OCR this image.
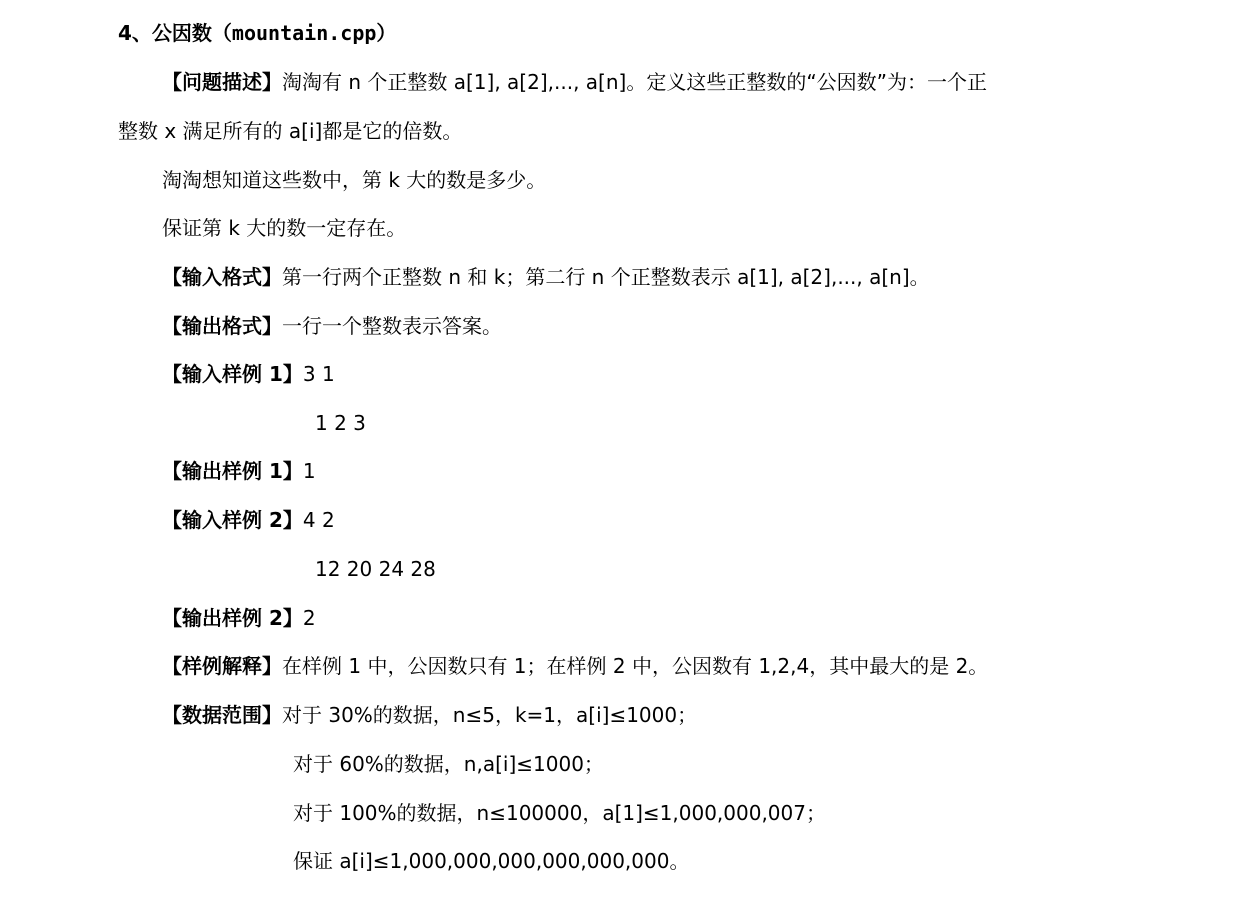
4、公因数（mountain.cpp）
【问题描述】淘淘有 n 个正整数 a[1], a[2],..., a[n]。定义这些正整数的“公因数”为：一个正
整数 x 满足所有的 a[i]都是它的倍数。
淘淘想知道这些数中，第 k 大的数是多少。
保证第 k 大的数一定存在。
【输入格式】第一行两个正整数 n 和 k；第二行 n 个正整数表示 a[1], a[2],..., a[n]。
【输出格式】一行一个整数表示答案。
【输入样例 1】3 1
1 2 3
【输出样例 1】1
【输入样例 2】4 2
12 20 24 28
【输出样例 2】2
【样例解释】在样例 1 中，公因数只有 1；在样例 2 中，公因数有 1,2,4，其中最大的是 2。
【数据范围】对于 30%的数据，n≤5，k=1，a[i]≤1000；
对于 60%的数据，n,a[i]≤1000；
对于 100%的数据，n≤100000，a[1]≤1,000,000,007；
保证 a[i]≤1,000,000,000,000,000,000。
